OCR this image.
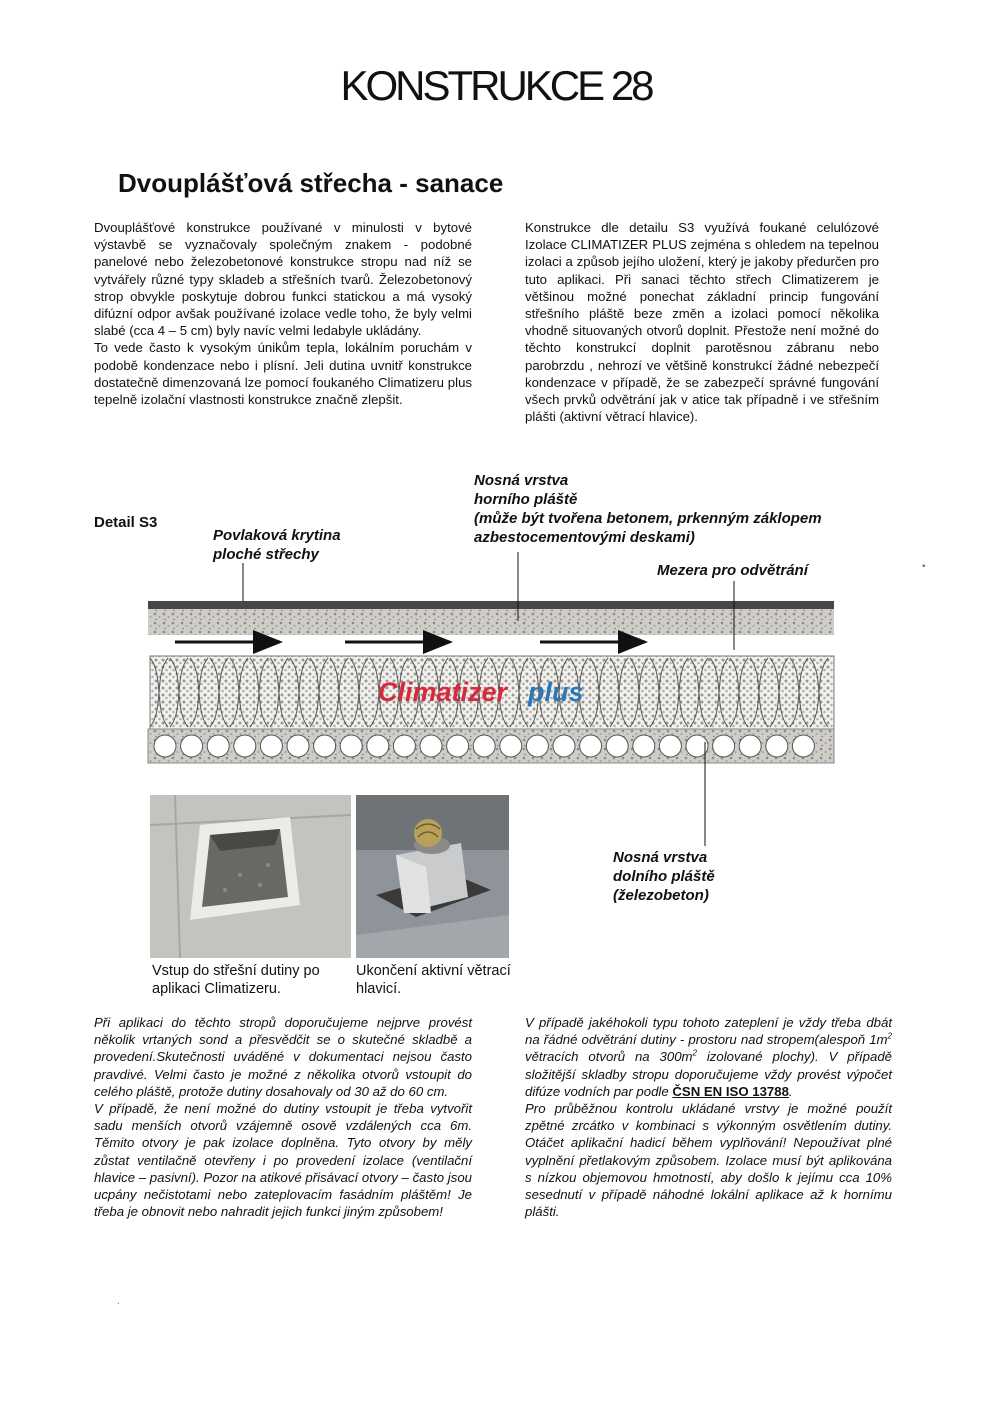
KONSTRUKCE 28
Dvouplášťová střecha - sanace
Dvouplášťové konstrukce používané v minulosti v bytové výstavbě se vyznačovaly společným znakem - podobné panelové nebo železobetonové konstrukce stropu nad níž se vytvářely různé typy skladeb a střešních tvarů. Železobetonový strop obvykle poskytuje dobrou funkci statickou a má vysoký difúzní odpor avšak používané izolace vedle toho, že byly velmi slabé (cca 4 – 5 cm) byly navíc velmi ledabyle ukládány.
To vede často k vysokým únikům tepla, lokálním poruchám v podobě kondenzace nebo i plísní. Jeli dutina uvnitř konstrukce dostatečně dimenzovaná lze pomocí foukaného Climatizeru plus tepelně izolační vlastnosti konstrukce značně zlepšit.
Konstrukce dle detailu S3 využívá foukané celulózové Izolace CLIMATIZER PLUS zejména s ohledem na tepelnou izolaci a způsob jejího uložení, který je jakoby předurčen pro tuto aplikaci. Při sanaci těchto střech Climatizerem je většinou možné ponechat základní princip fungování střešního pláště beze změn a izolaci pomocí několika vhodně situovaných otvorů doplnit. Přestože není možné do těchto konstrukcí doplnit parotěsnou zábranu nebo parobrzdu , nehrozí ve většině konstrukcí žádné nebezpečí kondenzace v případě, že se zabezpečí správné fungování všech prvků odvětrání jak v atice tak případně i ve střešním plášti (aktivní větrací hlavice).
Detail S3
Povlaková krytina
ploché střechy
Nosná vrstva
horního pláště
(může být tvořena betonem, prkenným záklopem
azbestocementovými deskami)
Mezera pro odvětrání
Nosná vrstva
dolního pláště
(železobeton)
Climatizer plus
Vstup do střešní dutiny po
aplikaci Climatizeru.
Ukončení aktivní větrací
hlavicí.
Při aplikaci do těchto stropů doporučujeme nejprve provést několik vrtaných sond a přesvědčit se o skutečné skladbě a provedení.Skutečnosti uváděné v dokumentaci nejsou často pravdivé. Velmi často je možné z několika otvorů vstoupit do celého pláště, protože dutiny dosahovaly od 30 až do 60 cm.
V případě, že není možné do dutiny vstoupit je třeba vytvořit sadu menších otvorů vzájemně osově vzdálených cca 6m. Těmito otvory je pak izolace doplněna. Tyto otvory by měly zůstat ventilačně otevřeny i po provedení izolace (ventilační hlavice – pasivní). Pozor na atikové přisávací otvory – často jsou ucpány nečistotami nebo zateplovacím fasádním pláštěm! Je třeba je obnovit nebo nahradit jejich funkci jiným způsobem!
V případě jakéhokoli typu tohoto zateplení je vždy třeba dbát na řádné odvětrání dutiny - prostoru nad stropem(alespoň $1m^2$ větracích otvorů na $300m^2$ izolované plochy). V případě složitější skladby stropu doporučujeme vždy provést výpočet difúze vodních par podle ČSN EN ISO 13788.
Pro průběžnou kontrolu ukládané vrstvy je možné použít zpětné zrcátko v kombinaci s výkonným osvětlením dutiny. Otáčet aplikační hadicí během vyplňování! Nepoužívat plné vyplnění přetlakovým způsobem. Izolace musí být aplikována s nízkou objemovou hmotností, aby došlo k jejímu cca 10% sesednutí v případě náhodné lokální aplikace až k hornímu plášti.
▪
.
